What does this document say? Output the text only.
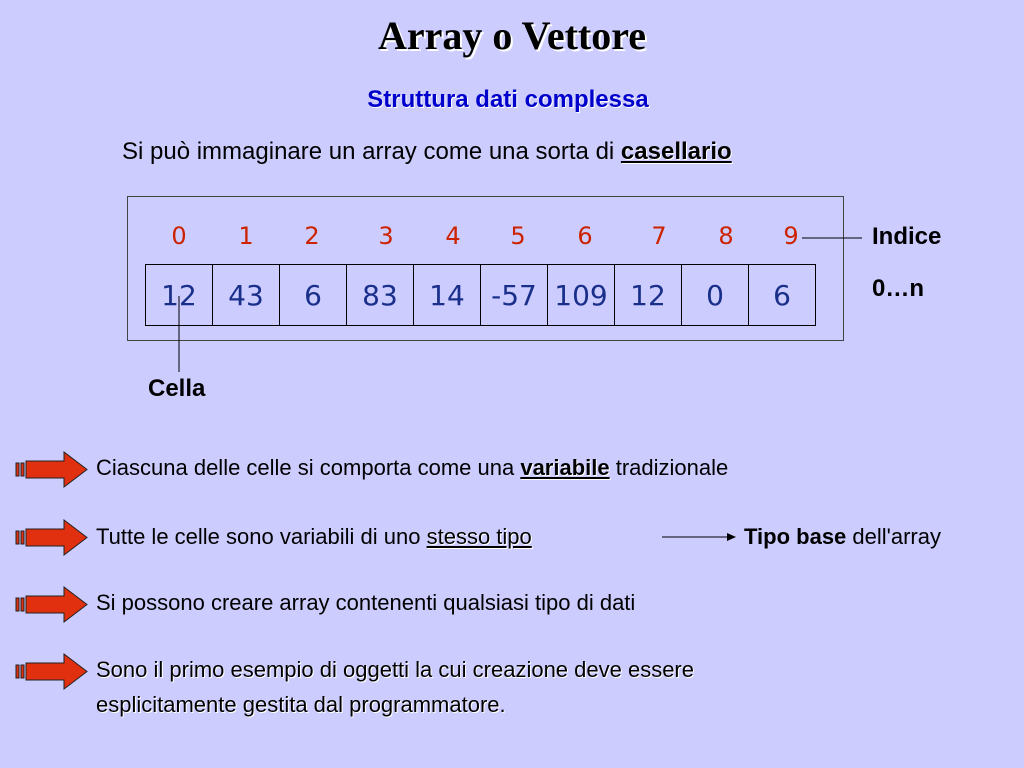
Array o Vettore
Struttura dati complessa
Si può immaginare un array come una sorta di casellario
0	1	2	3	4	5	6	7	8	9
12	43	6	83	14 -57 109 12	0	6
Indice
0…n
Cella
Ciascuna delle celle si comporta come una variabile tradizionale
Tutte le celle sono variabili di uno stesso tipo	Tipo base dell'array
Si possono creare array contenenti qualsiasi tipo di dati
Sono il primo esempio di oggetti la cui creazione deve essere
esplicitamente gestita dal programmatore.
